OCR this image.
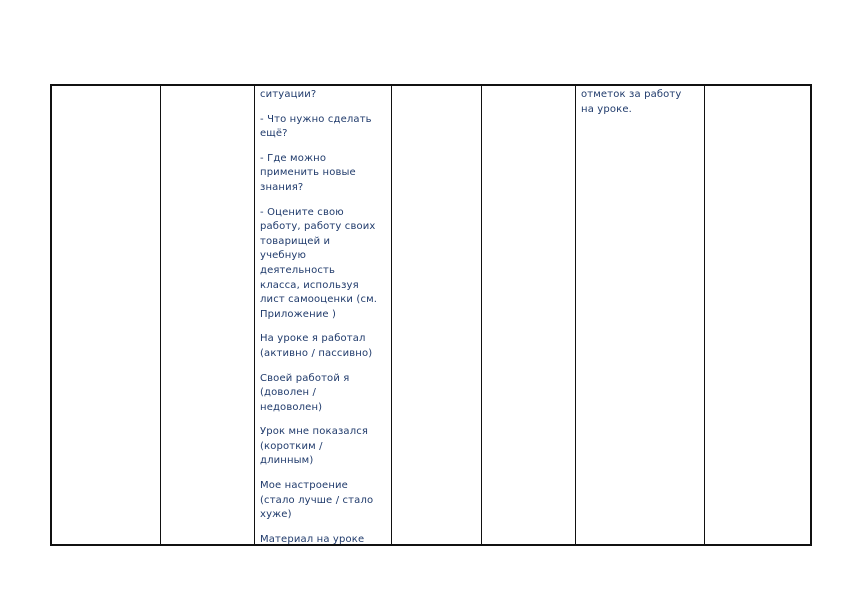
ситуации?

- Что нужно сделать
ещё?

- Где можно
применить новые
знания?

- Оцените свою
работу, работу своих
товарищей и
учебную
деятельность
класса, используя
лист самооценки (см.
Приложение )

На уроке я работал
(активно / пассивно)

Своей работой я
(доволен /
недоволен)

Урок мне показался
(коротким /
длинным)

Мое настроение
(стало лучше / стало
хуже)

Материал на уроке

отметок за работу
на уроке.
